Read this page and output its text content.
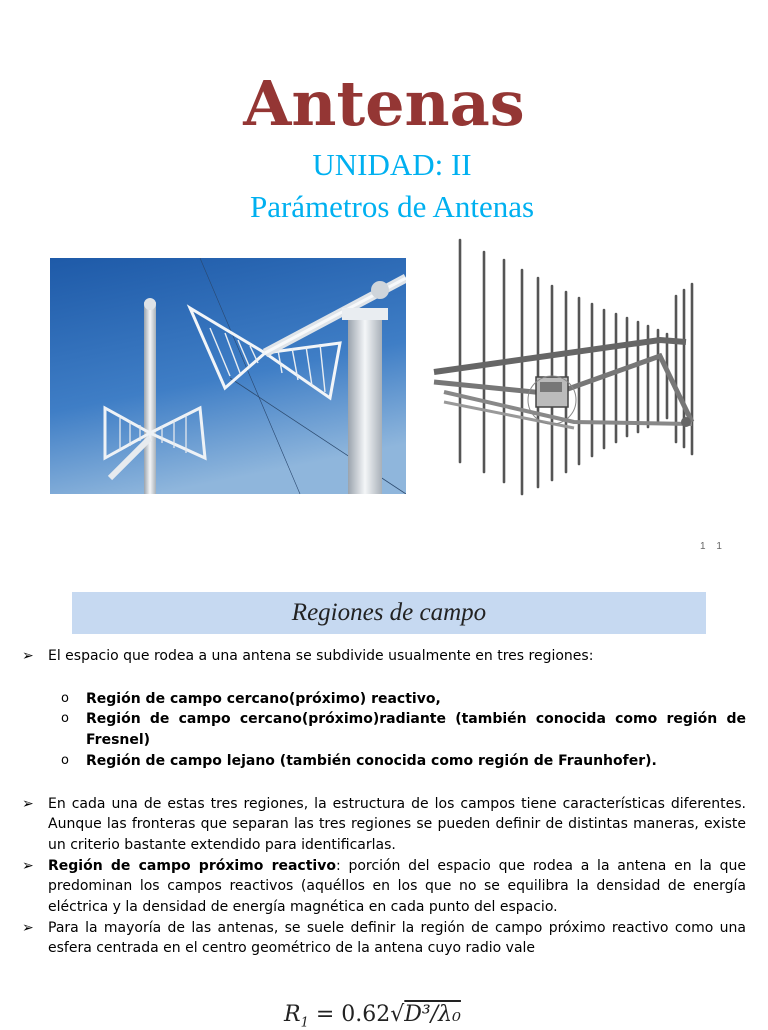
Antenas
UNIDAD: II
Parámetros de Antenas
1 1
Regiones de campo
➢ El espacio que rodea a una antena se subdivide usualmente en tres regiones:
o Región de campo cercano(próximo) reactivo,
o Región de campo cercano(próximo)radiante (también conocida como región de Fresnel)
o Región de campo lejano (también conocida como región de Fraunhofer).
➢ En cada una de estas tres regiones, la estructura de los campos tiene características diferentes. Aunque las fronteras que separan las tres regiones se pueden definir de distintas maneras, existe un criterio bastante extendido para identificarlas.
➢ Región de campo próximo reactivo: porción del espacio que rodea a la antena en la que predominan los campos reactivos (aquéllos en los que no se equilibra la densidad de energía eléctrica y la densidad de energía magnética en cada punto del espacio.
➢ Para la mayoría de las antenas, se suele definir la región de campo próximo reactivo como una esfera centrada en el centro geométrico de la antena cuyo radio vale
$R_1 = 0.62√D^3/\lambda_0$
